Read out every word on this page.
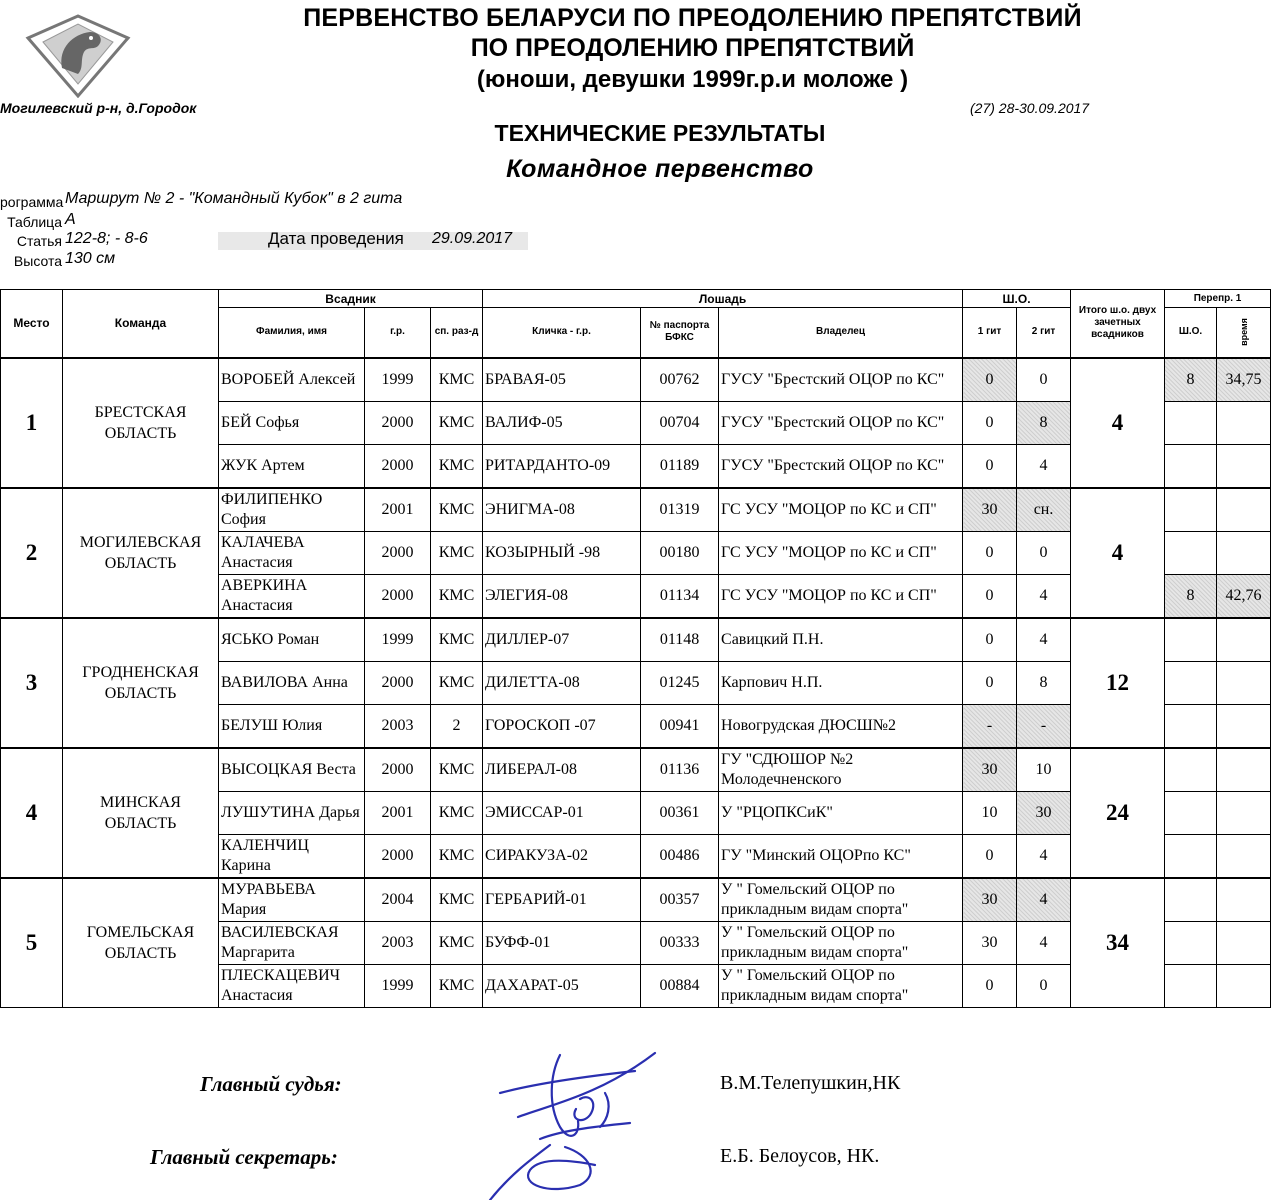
ПЕРВЕНСТВО БЕЛАРУСИ ПО ПРЕОДОЛЕНИЮ ПРЕПЯТСТВИЙ
ПО ПРЕОДОЛЕНИЮ ПРЕПЯТСТВИЙ
(юноши, девушки 1999г.р.и моложе )
Могилевский р-н, д.Городок	(27) 28-30.09.2017
ТЕХНИЧЕСКИЕ РЕЗУЛЬТАТЫ
Командное первенство
рограмма Маршрут № 2 - "Командный Кубок" в 2 гита
Таблица А
Статья 122-8; - 8-6	Дата проведения 29.09.2017
Высота 130 см
Место	Команда	Всадник			Лошадь			Ш.О.		Итого ш.о. двух зачетных всадников	Перепр. 1	
		Фамилия, имя	г.р.	сп. раз-д	Кличка - г.р.	№ паспорта БФКС	Владелец	1 гит	2 гит		Ш.О.	время
1	БРЕСТСКАЯ ОБЛАСТЬ	ВОРОБЕЙ Алексей	1999	КМС	БРАВАЯ-05	00762	ГУСУ "Брестский ОЦОР по КС"	0	0	4	8	34,75
		БЕЙ Софья	2000	КМС	ВАЛИФ-05	00704	ГУСУ "Брестский ОЦОР по КС"	0	8			
		ЖУК Артем	2000	КМС	РИТАРДАНТО-09	01189	ГУСУ "Брестский ОЦОР по КС"	0	4			
2	МОГИЛЕВСКАЯ ОБЛАСТЬ	ФИЛИПЕНКО София	2001	КМС	ЭНИГМА-08	01319	ГС УСУ "МОЦОР по КС и СП"	30	сн.	4		
		КАЛАЧЕВА Анастасия	2000	КМС	КОЗЫРНЫЙ -98	00180	ГС УСУ "МОЦОР по КС и СП"	0	0			
		АВЕРКИНА Анастасия	2000	КМС	ЭЛЕГИЯ-08	01134	ГС УСУ "МОЦОР по КС и СП"	0	4		8	42,76
3	ГРОДНЕНСКАЯ ОБЛАСТЬ	ЯСЬКО Роман	1999	КМС	ДИЛЛЕР-07	01148	Савицкий П.Н.	0	4	12		
		ВАВИЛОВА Анна	2000	КМС	ДИЛЕТТА-08	01245	Карпович Н.П.	0	8			
		БЕЛУШ Юлия	2003	2	ГОРОСКОП -07	00941	Новогрудская ДЮСШ№2	-	-			
4	МИНСКАЯ ОБЛАСТЬ	ВЫСОЦКАЯ Веста	2000	КМС	ЛИБЕРАЛ-08	01136	ГУ "СДЮШОР №2 Молодечненского	30	10	24		
		ЛУШУТИНА Дарья	2001	КМС	ЭМИССАР-01	00361	У "РЦОПКСиК"	10	30			
		КАЛЕНЧИЦ Карина	2000	КМС	СИРАКУЗА-02	00486	ГУ "Минский ОЦОРпо КС"	0	4			
5	ГОМЕЛЬСКАЯ ОБЛАСТЬ	МУРАВЬЕВА Мария	2004	КМС	ГЕРБАРИЙ-01	00357	У " Гомельский ОЦОР по прикладным видам спорта"	30	4	34		
		ВАСИЛЕВСКАЯ Маргарита	2003	КМС	БУФФ-01	00333	У " Гомельский ОЦОР по прикладным видам спорта"	30	4			
		ПЛЕСКАЦЕВИЧ Анастасия	1999	КМС	ДАХАРАТ-05	00884	У " Гомельский ОЦОР по прикладным видам спорта"	0	0			
Главный судья:	В.М.Телепушкин,НК
Главный секретарь:	Е.Б. Белоусов, НК.
